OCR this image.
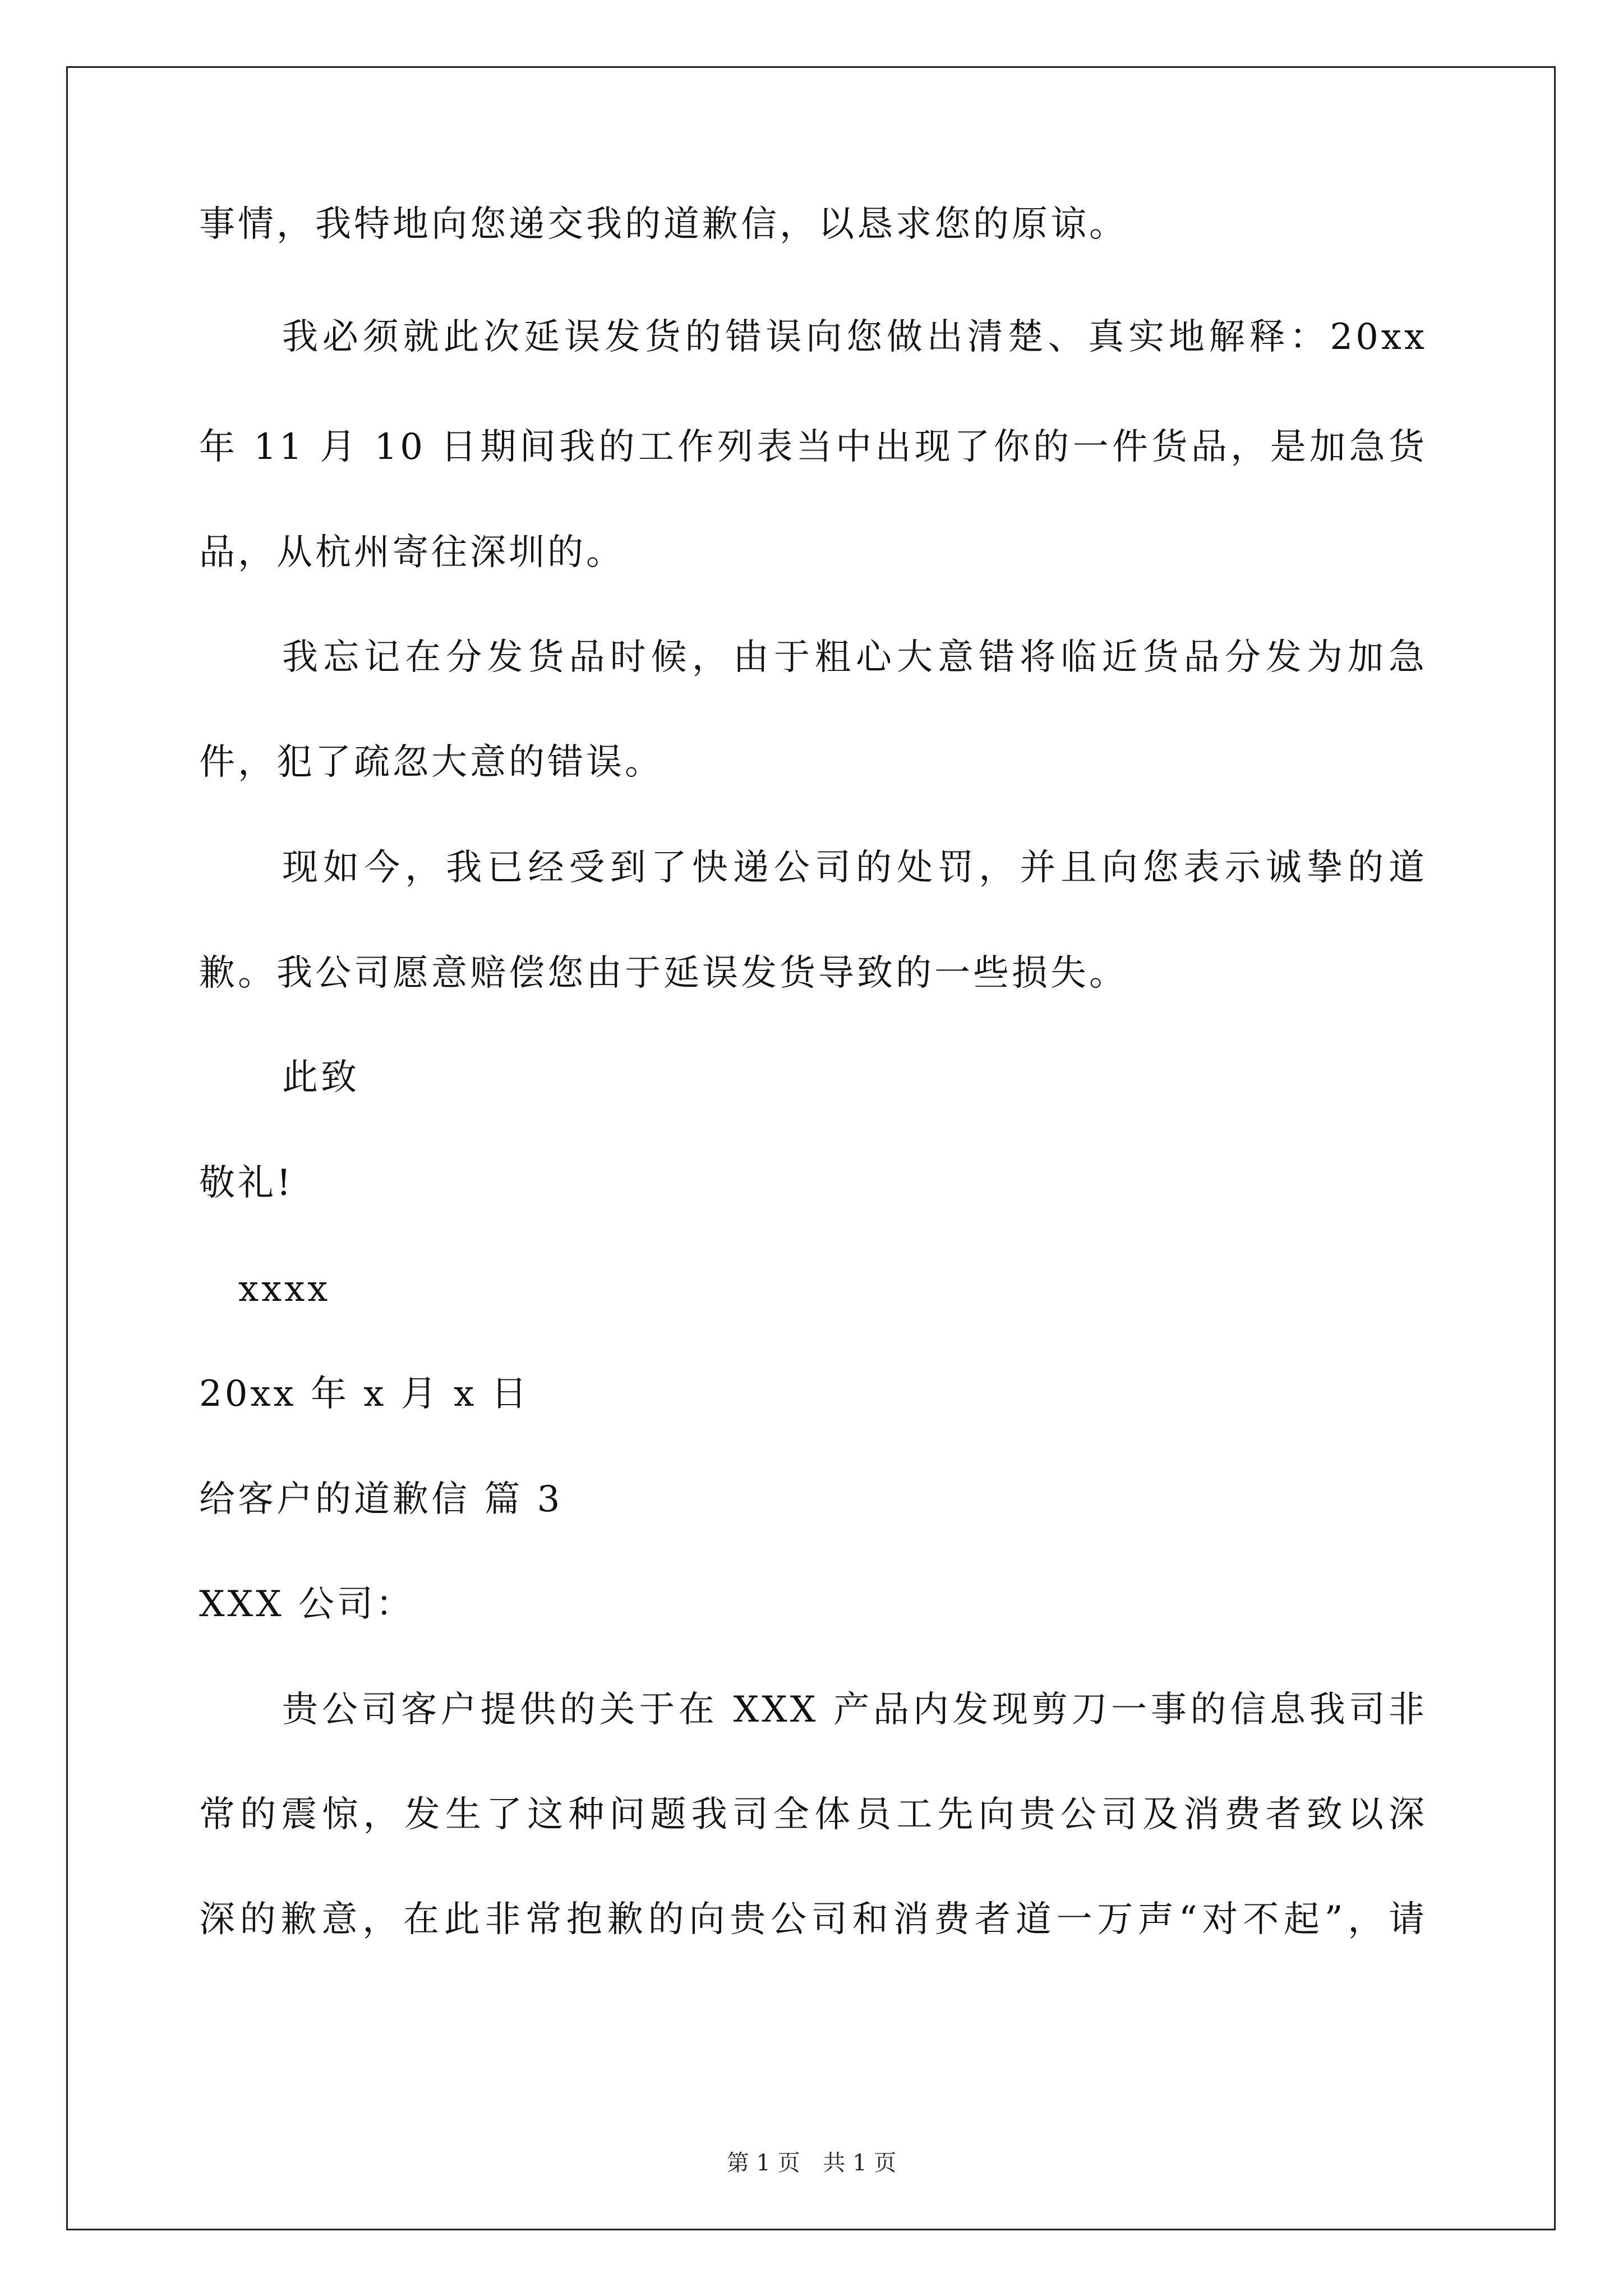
事情，我特地向您递交我的道歉信，以恳求您的原谅。
我必须就此次延误发货的错误向您做出清楚、真实地解释：20xx
年 11 月 10 日期间我的工作列表当中出现了你的一件货品，是加急货
品，从杭州寄往深圳的。
我忘记在分发货品时候，由于粗心大意错将临近货品分发为加急
件，犯了疏忽大意的错误。
现如今，我已经受到了快递公司的处罚，并且向您表示诚挚的道
歉。我公司愿意赔偿您由于延误发货导致的一些损失。
此致
敬礼!
xxxx
20xx 年 x 月 x 日
给客户的道歉信 篇 3
XXX 公司：
贵公司客户提供的关于在 XXX 产品内发现剪刀一事的信息我司非
常的震惊，发生了这种问题我司全体员工先向贵公司及消费者致以深
深的歉意，在此非常抱歉的向贵公司和消费者道一万声“对不起”，请
第 1 页 共 1 页
